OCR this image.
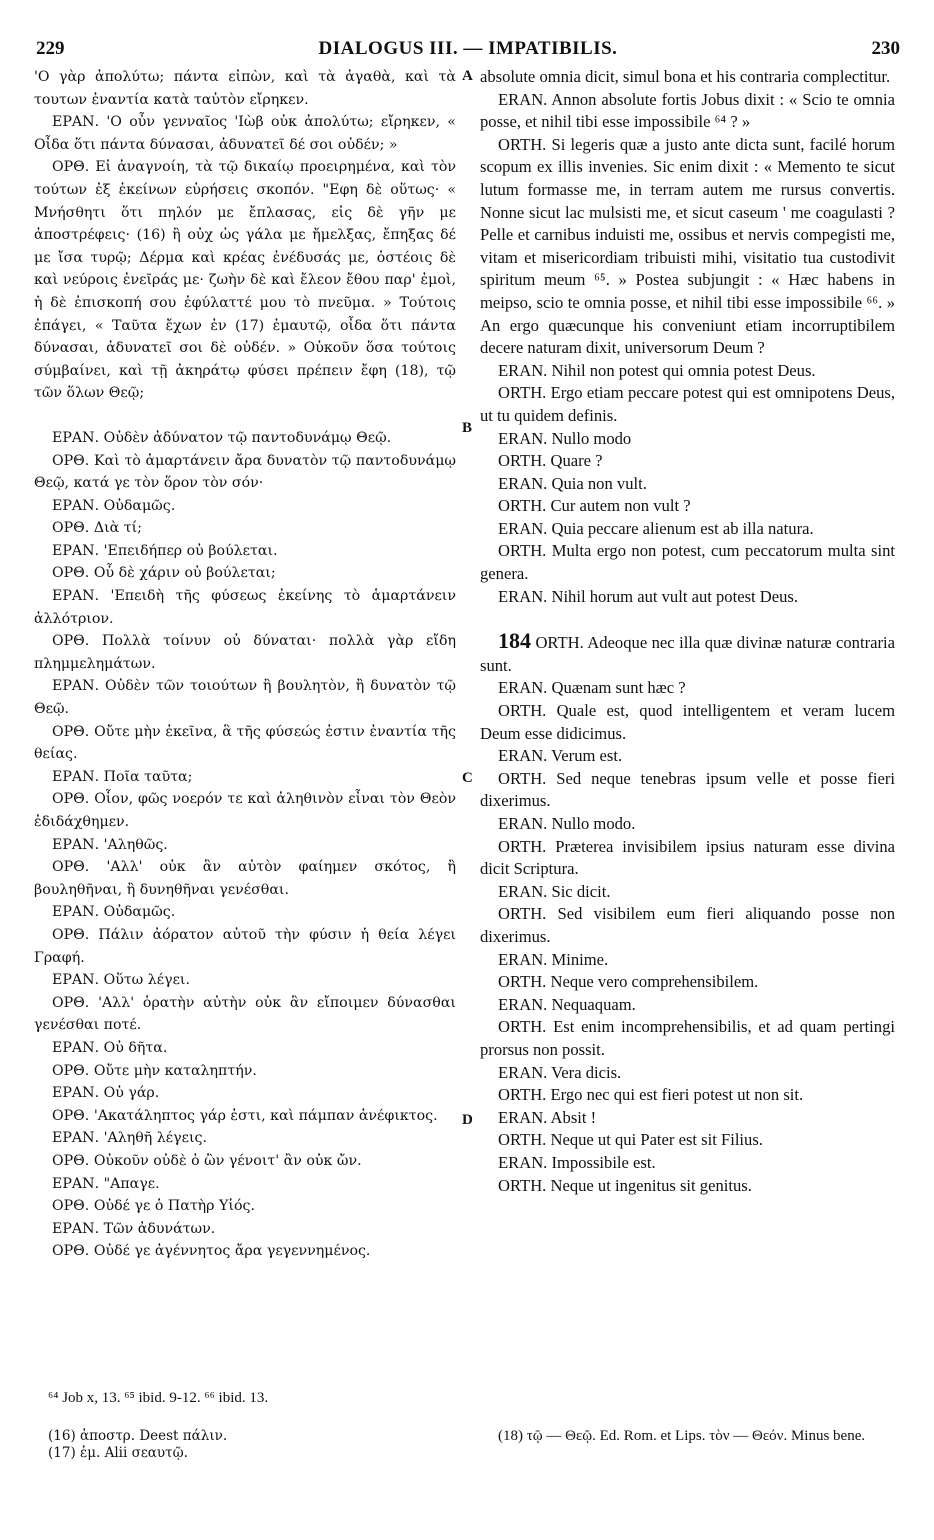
229	DIALOGUS III. — IMPATIBILIS.	230
A
B
C
D

'Ο γὰρ ἀπολύτω; πάντα εἰπὼν, καὶ τὰ ἀγαθὰ, καὶ τὰ τουτων ἐναντία κατὰ ταὐτὸν εἴρηκεν.

ΕΡΑΝ. 'Ο οὖν γενναῖος 'Ιὼβ οὐκ ἀπολύτω; εἴρηκεν, « Οἶδα ὅτι πάντα δύνασαι, ἀδυνατεῖ δέ σοι οὐδέν; »

ΟΡΘ. Εἰ ἀναγνοίη, τὰ τῷ δικαίῳ προειρημένα, καὶ τὸν τούτων ἐξ ἐκείνων εὑρήσεις σκοπόν. "Εφη δὲ οὕτως· « Μνήσθητι ὅτι πηλόν με ἔπλασας, εἰς δὲ γῆν με ἀποστρέφεις· (16) ἢ οὐχ ὡς γάλα με ἤμελξας, ἔπηξας δέ με ἴσα τυρῷ; Δέρμα καὶ κρέας ἐνέδυσάς με, ὀστέοις δὲ καὶ νεύροις ἐνεῖράς με· ζωὴν δὲ καὶ ἔλεον ἔθου παρ' ἐμοὶ, ἡ δὲ ἐπισκοπή σου ἐφύλαττέ μου τὸ πνεῦμα. » Τούτοις ἐπάγει, « Ταῦτα ἔχων ἐν (17) ἐμαυτῷ, οἶδα ὅτι πάντα δύνασαι, ἀδυνατεῖ σοι δὲ οὐδέν. » Οὐκοῦν ὅσα τούτοις σύμβαίνει, καὶ τῇ ἀκηράτῳ φύσει πρέπειν ἔφη (18), τῷ τῶν ὅλων Θεῷ;

ΕΡΑΝ. Οὐδὲν ἀδύνατον τῷ παντοδυνάμῳ Θεῷ.

ΟΡΘ. Καὶ τὸ ἁμαρτάνειν ἄρα δυνατὸν τῷ παντοδυνάμῳ Θεῷ, κατά γε τὸν ὅρον τὸν σόν·

ΕΡΑΝ. Οὐδαμῶς.

ΟΡΘ. Διὰ τί;

ΕΡΑΝ. 'Επειδήπερ οὐ βούλεται.

ΟΡΘ. Οὗ δὲ χάριν οὐ βούλεται;

ΕΡΑΝ. 'Επειδὴ τῆς φύσεως ἐκείνης τὸ ἁμαρτάνειν ἀλλότριον.

ΟΡΘ. Πολλὰ τοίνυν οὐ δύναται· πολλὰ γὰρ εἴδη πλημμελημάτων.

ΕΡΑΝ. Οὐδὲν τῶν τοιούτων ἢ βουλητὸν, ἢ δυνατὸν τῷ Θεῷ.

ΟΡΘ. Οὔτε μὴν ἐκεῖνα, ἃ τῆς φύσεώς ἐστιν ἐναντία τῆς θείας.

ΕΡΑΝ. Ποῖα ταῦτα;

ΟΡΘ. Οἷον, φῶς νοερόν τε καὶ ἀληθινὸν εἶναι τὸν Θεὸν ἐδιδάχθημεν.

ΕΡΑΝ. 'Αληθῶς.

ΟΡΘ. 'Αλλ' οὐκ ἂν αὐτὸν φαίημεν σκότος, ἢ βουληθῆναι, ἢ δυνηθῆναι γενέσθαι.

ΕΡΑΝ. Οὐδαμῶς.

ΟΡΘ. Πάλιν ἀόρατον αὐτοῦ τὴν φύσιν ἡ θεία λέγει Γραφή.

ΕΡΑΝ. Οὕτω λέγει.

ΟΡΘ. 'Αλλ' ὁρατὴν αὐτὴν οὐκ ἂν εἴποιμεν δύνασθαι γενέσθαι ποτέ.

ΕΡΑΝ. Οὐ δῆτα.

ΟΡΘ. Οὔτε μὴν καταληπτήν.

ΕΡΑΝ. Οὐ γάρ.

ΟΡΘ. 'Ακατάληπτος γάρ ἐστι, καὶ πάμπαν ἀνέφικτος.

ΕΡΑΝ. 'Αληθῆ λέγεις.

ΟΡΘ. Οὐκοῦν οὐδὲ ὁ ὢν γένοιτ' ἂν οὐκ ὤν.

ΕΡΑΝ. "Απαγε.

ΟΡΘ. Οὐδέ γε ὁ Πατὴρ Υἱός.

ΕΡΑΝ. Τῶν ἀδυνάτων.

ΟΡΘ. Οὐδέ γε ἀγέννητος ἄρα γεγεννημένος.

absolute omnia dicit, simul bona et his contraria complectitur.

ERAN. Annon absolute fortis Jobus dixit : « Scio te omnia posse, et nihil tibi esse impossibile ⁶⁴ ? »

ORTH. Si legeris quæ a justo ante dicta sunt, facilé horum scopum ex illis invenies. Sic enim dixit : « Memento te sicut lutum formasse me, in terram autem me rursus convertis. Nonne sicut lac mulsisti me, et sicut caseum ' me coagulasti ? Pelle et carnibus induisti me, ossibus et nervis compegisti me, vitam et misericordiam tribuisti mihi, visitatio tua custodivit spiritum meum ⁶⁵. » Postea subjungit : « Hæc habens in meipso, scio te omnia posse, et nihil tibi esse impossibile ⁶⁶. » An ergo quæcunque his conveniunt etiam incorruptibilem decere naturam dixit, universorum Deum ?

ERAN. Nihil non potest qui omnia potest Deus.

ORTH. Ergo etiam peccare potest qui est omnipotens Deus, ut tu quidem definis.

ERAN. Nullo modo

ORTH. Quare ?

ERAN. Quia non vult.

ORTH. Cur autem non vult ?

ERAN. Quia peccare alienum est ab illa natura.

ORTH. Multa ergo non potest, cum peccatorum multa sint genera.

ERAN. Nihil horum aut vult aut potest Deus.

184 ORTH. Adeoque nec illa quæ divinæ naturæ contraria sunt.

ERAN. Quænam sunt hæc ?

ORTH. Quale est, quod intelligentem et veram lucem Deum esse didicimus.

ERAN. Verum est.

ORTH. Sed neque tenebras ipsum velle et posse fieri dixerimus.

ERAN. Nullo modo.

ORTH. Præterea invisibilem ipsius naturam esse divina dicit Scriptura.

ERAN. Sic dicit.

ORTH. Sed visibilem eum fieri aliquando posse non dixerimus.

ERAN. Minime.

ORTH. Neque vero comprehensibilem.

ERAN. Nequaquam.

ORTH. Est enim incomprehensibilis, et ad quam pertingi prorsus non possit.

ERAN. Vera dicis.

ORTH. Ergo nec qui est fieri potest ut non sit.

ERAN. Absit !

ORTH. Neque ut qui Pater est sit Filius.

ERAN. Impossibile est.

ORTH. Neque ut ingenitus sit genitus.

⁶⁴ Job x, 13. ⁶⁵ ibid. 9-12. ⁶⁶ ibid. 13.
(16) ἀποστρ. Deest πάλιν.
(17) ἐμ. Alii σεαυτῷ.
(18) τῷ — Θεῷ. Ed. Rom. et Lips. τὸν — Θεόν. Minus bene.
